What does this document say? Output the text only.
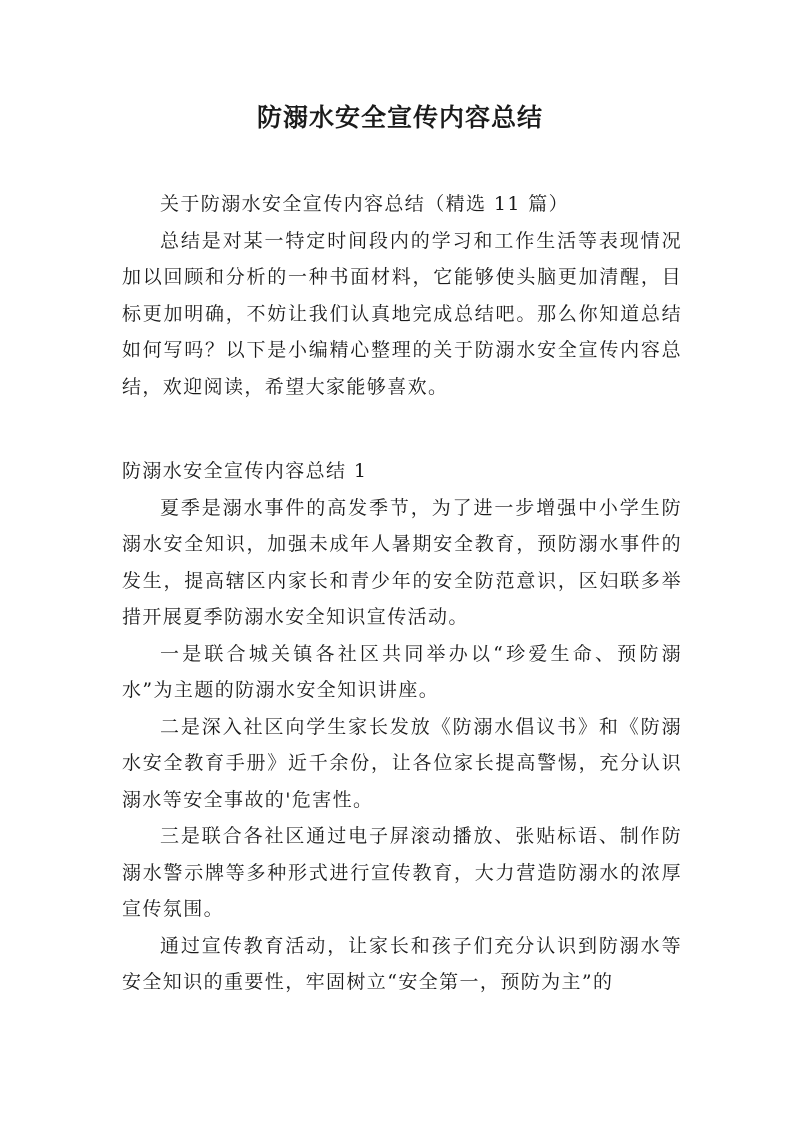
防溺水安全宣传内容总结

关于防溺水安全宣传内容总结（精选 11 篇）

总结是对某一特定时间段内的学习和工作生活等表现情况加以回顾和分析的一种书面材料，它能够使头脑更加清醒，目标更加明确，不妨让我们认真地完成总结吧。那么你知道总结如何写吗？以下是小编精心整理的关于防溺水安全宣传内容总结，欢迎阅读，希望大家能够喜欢。

防溺水安全宣传内容总结 1

夏季是溺水事件的高发季节，为了进一步增强中小学生防溺水安全知识，加强未成年人暑期安全教育，预防溺水事件的发生，提高辖区内家长和青少年的安全防范意识，区妇联多举措开展夏季防溺水安全知识宣传活动。

一是联合城关镇各社区共同举办以“珍爱生命、预防溺水”为主题的防溺水安全知识讲座。

二是深入社区向学生家长发放《防溺水倡议书》和《防溺水安全教育手册》近千余份，让各位家长提高警惕，充分认识溺水等安全事故的'危害性。

三是联合各社区通过电子屏滚动播放、张贴标语、制作防溺水警示牌等多种形式进行宣传教育，大力营造防溺水的浓厚宣传氛围。

通过宣传教育活动，让家长和孩子们充分认识到防溺水等安全知识的重要性，牢固树立“安全第一，预防为主”的
